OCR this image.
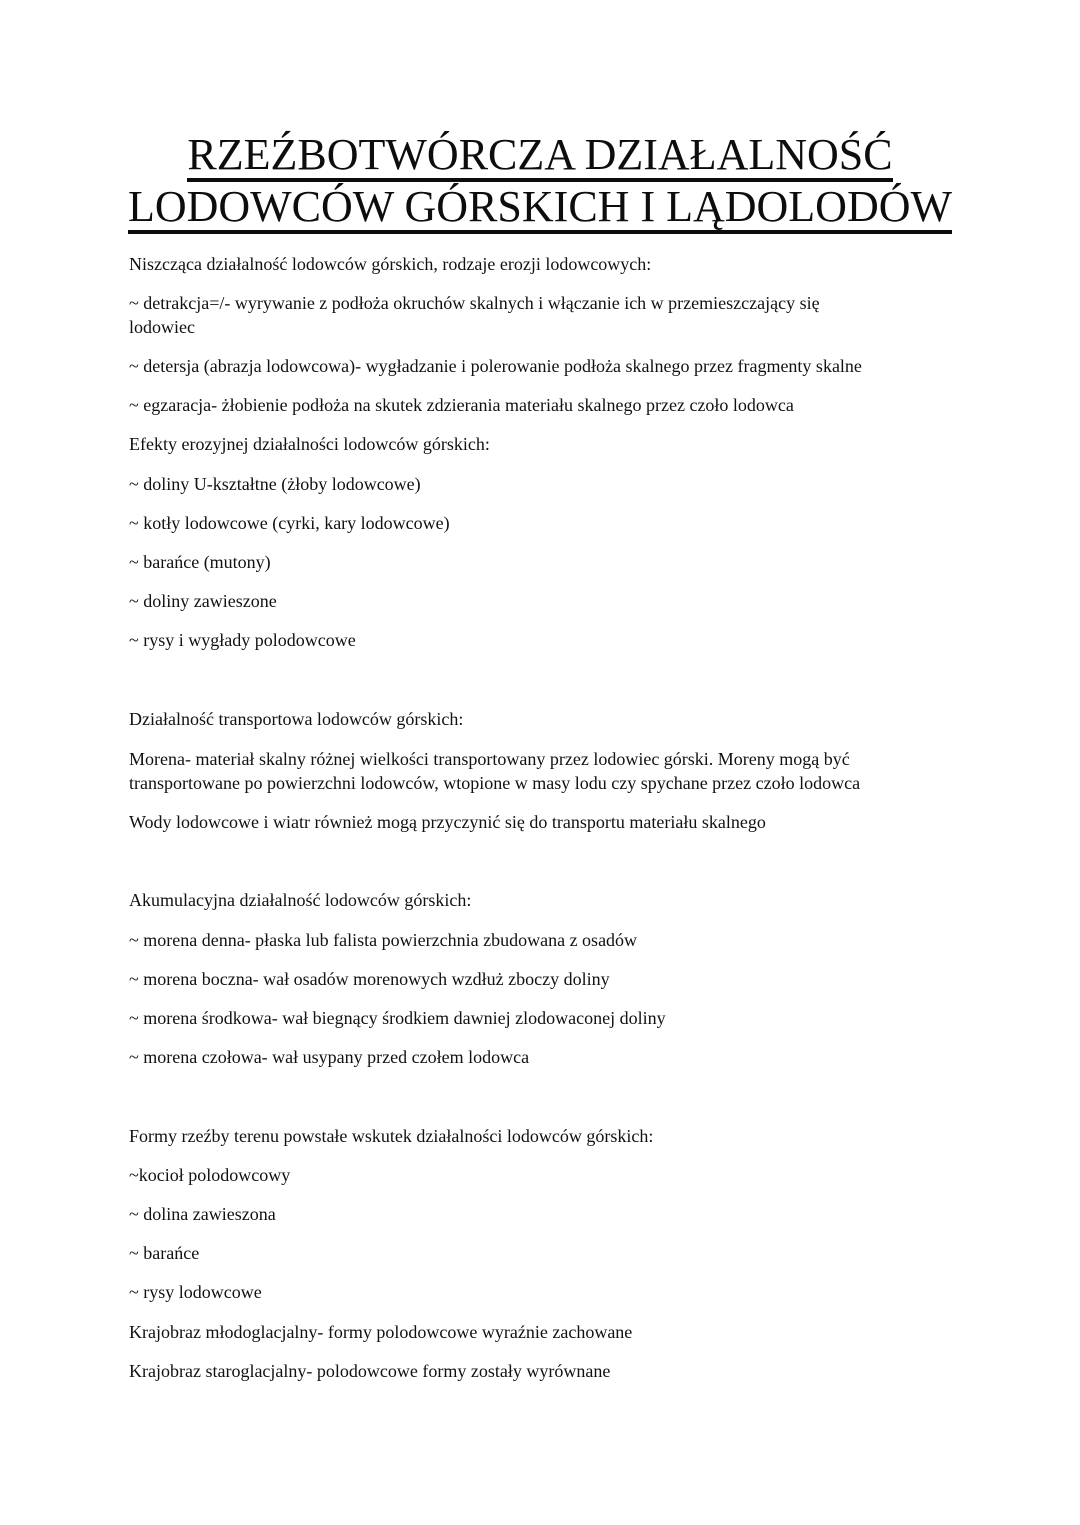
RZEŹBOTWÓRCZA DZIAŁALNOŚĆ
LODOWCÓW GÓRSKICH I LĄDOLODÓW
Niszcząca działalność lodowców górskich, rodzaje erozji lodowcowych:
~ detrakcja=/- wyrywanie z podłoża okruchów skalnych i włączanie ich w przemieszczający się
lodowiec
~ detersja (abrazja lodowcowa)- wygładzanie i polerowanie podłoża skalnego przez fragmenty skalne
~ egzaracja- żłobienie podłoża na skutek zdzierania materiału skalnego przez czoło lodowca
Efekty erozyjnej działalności lodowców górskich:
~ doliny U-kształtne (żłoby lodowcowe)
~ kotły lodowcowe (cyrki, kary lodowcowe)
~ barańce (mutony)
~ doliny zawieszone
~ rysy i wygłady polodowcowe
Działalność transportowa lodowców górskich:
Morena- materiał skalny różnej wielkości transportowany przez lodowiec górski. Moreny mogą być
transportowane po powierzchni lodowców, wtopione w masy lodu czy spychane przez czoło lodowca
Wody lodowcowe i wiatr również mogą przyczynić się do transportu materiału skalnego
Akumulacyjna działalność lodowców górskich:
~ morena denna- płaska lub falista powierzchnia zbudowana z osadów
~ morena boczna- wał osadów morenowych wzdłuż zboczy doliny
~ morena środkowa- wał biegnący środkiem dawniej zlodowaconej doliny
~ morena czołowa- wał usypany przed czołem lodowca
Formy rzeźby terenu powstałe wskutek działalności lodowców górskich:
~kocioł polodowcowy
~ dolina zawieszona
~ barańce
~ rysy lodowcowe
Krajobraz młodoglacjalny- formy polodowcowe wyraźnie zachowane
Krajobraz staroglacjalny- polodowcowe formy zostały wyrównane
